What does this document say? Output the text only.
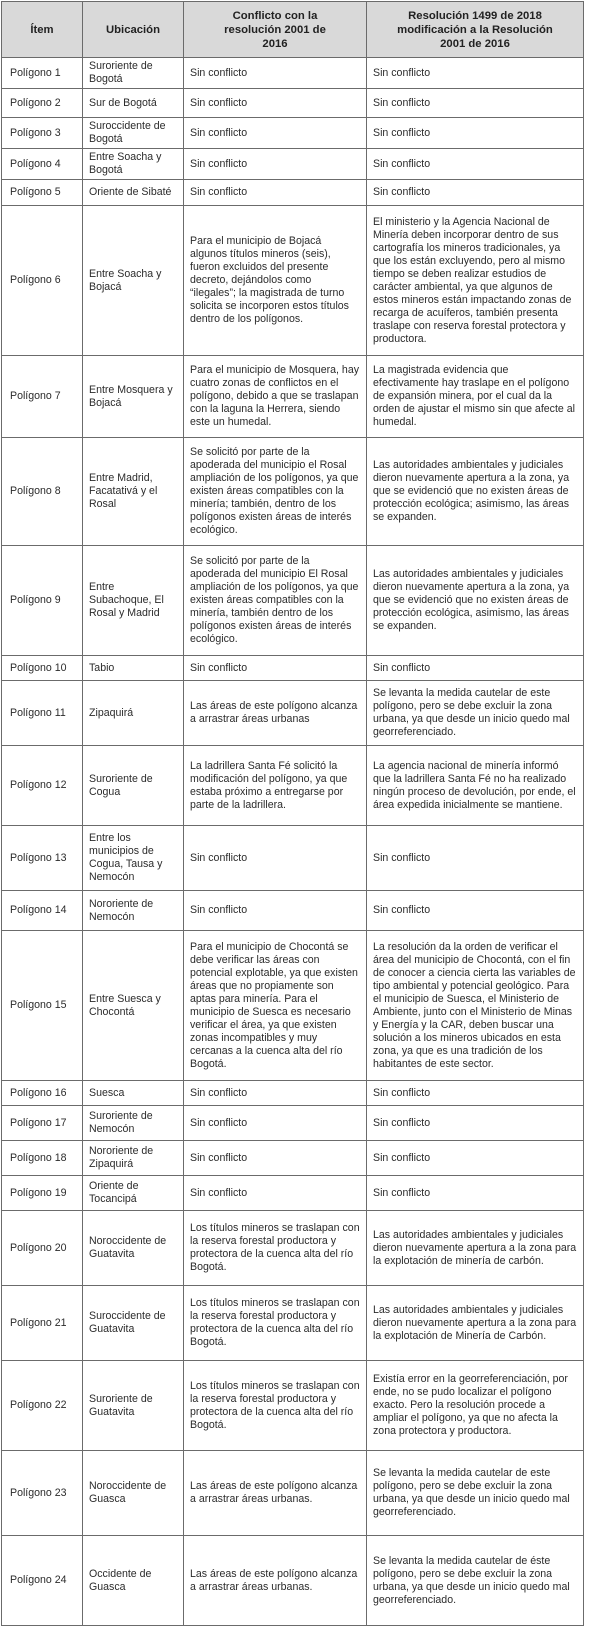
Ítem	Ubicación	Conflicto con la resolución 2001 de 2016	Resolución 1499 de 2018 modificación a la Resolución 2001 de 2016
Polígono 1	Suroriente de Bogotá	Sin conflicto	Sin conflicto
Polígono 2	Sur de Bogotá	Sin conflicto	Sin conflicto
Polígono 3	Suroccidente de Bogotá	Sin conflicto	Sin conflicto
Polígono 4	Entre Soacha y Bogotá	Sin conflicto	Sin conflicto
Polígono 5	Oriente de Sibaté	Sin conflicto	Sin conflicto
Polígono 6	Entre Soacha y Bojacá	Para el municipio de Bojacá algunos títulos mineros (seis), fueron excluidos del presente decreto, dejándolos como “ilegales”; la magistrada de turno solicita se incorporen estos títulos dentro de los polígonos.	El ministerio y la Agencia Nacional de Minería deben incorporar dentro de sus cartografía los mineros tradicionales, ya que los están excluyendo, pero al mismo tiempo se deben realizar estudios de carácter ambiental, ya que algunos de estos mineros están impactando zonas de recarga de acuíferos, también presenta traslape con reserva forestal protectora y productora.
Polígono 7	Entre Mosquera y Bojacá	Para el municipio de Mosquera, hay cuatro zonas de conflictos en el polígono, debido a que se traslapan con la laguna la Herrera, siendo este un humedal.	La magistrada evidencia que efectivamente hay traslape en el polígono de expansión minera, por el cual da la orden de ajustar el mismo sin que afecte al humedal.
Polígono 8	Entre Madrid, Facatativá y el Rosal	Se solicitó por parte de la apoderada del municipio el Rosal ampliación de los polígonos, ya que existen áreas compatibles con la minería; también, dentro de los polígonos existen áreas de interés ecológico.	Las autoridades ambientales y judiciales dieron nuevamente apertura a la zona, ya que se evidenció que no existen áreas de protección ecológica; asimismo, las áreas se expanden.
Polígono 9	Entre Subachoque, El Rosal y Madrid	Se solicitó por parte de la apoderada del municipio El Rosal ampliación de los polígonos, ya que existen áreas compatibles con la minería, también dentro de los polígonos existen áreas de interés ecológico.	Las autoridades ambientales y judiciales dieron nuevamente apertura a la zona, ya que se evidenció que no existen áreas de protección ecológica, asimismo, las áreas se expanden.
Polígono 10	Tabio	Sin conflicto	Sin conflicto
Polígono 11	Zipaquirá	Las áreas de este polígono alcanza a arrastrar áreas urbanas	Se levanta la medida cautelar de este polígono, pero se debe excluir la zona urbana, ya que desde un inicio quedo mal georreferenciado.
Polígono 12	Suroriente de Cogua	La ladrillera Santa Fé solicitó la modificación del polígono, ya que estaba próximo a entregarse por parte de la ladrillera.	La agencia nacional de minería informó que la ladrillera Santa Fé no ha realizado ningún proceso de devolución, por ende, el área expedida inicialmente se mantiene.
Polígono 13	Entre los municipios de Cogua, Tausa y Nemocón	Sin conflicto	Sin conflicto
Polígono 14	Nororiente de Nemocón	Sin conflicto	Sin conflicto
Polígono 15	Entre Suesca y Chocontá	Para el municipio de Chocontá se debe verificar las áreas con potencial explotable, ya que existen áreas que no propiamente son aptas para minería. Para el municipio de Suesca es necesario verificar el área, ya que existen zonas incompatibles y muy cercanas a la cuenca alta del río Bogotá.	La resolución da la orden de verificar el área del municipio de Chocontá, con el fin de conocer a ciencia cierta las variables de tipo ambiental y potencial geológico. Para el municipio de Suesca, el Ministerio de Ambiente, junto con el Ministerio de Minas y Energía y la CAR, deben buscar una solución a los mineros ubicados en esta zona, ya que es una tradición de los habitantes de este sector.
Polígono 16	Suesca	Sin conflicto	Sin conflicto
Polígono 17	Suroriente de Nemocón	Sin conflicto	Sin conflicto
Polígono 18	Nororiente de Zipaquirá	Sin conflicto	Sin conflicto
Polígono 19	Oriente de Tocancipá	Sin conflicto	Sin conflicto
Polígono 20	Noroccidente de Guatavita	Los títulos mineros se traslapan con la reserva forestal productora y protectora de la cuenca alta del río Bogotá.	Las autoridades ambientales y judiciales dieron nuevamente apertura a la zona para la explotación de minería de carbón.
Polígono 21	Suroccidente de Guatavita	Los títulos mineros se traslapan con la reserva forestal productora y protectora de la cuenca alta del río Bogotá.	Las autoridades ambientales y judiciales dieron nuevamente apertura a la zona para la explotación de Minería de Carbón.
Polígono 22	Suroriente de Guatavita	Los títulos mineros se traslapan con la reserva forestal productora y protectora de la cuenca alta del río Bogotá.	Existía error en la georreferenciación, por ende, no se pudo localizar el polígono exacto. Pero la resolución procede a ampliar el polígono, ya que no afecta la zona protectora y productora.
Polígono 23	Noroccidente de Guasca	Las áreas de este polígono alcanza a arrastrar áreas urbanas.	Se levanta la medida cautelar de este polígono, pero se debe excluir la zona urbana, ya que desde un inicio quedo mal georreferenciado.
Polígono 24	Occidente de Guasca	Las áreas de este polígono alcanza a arrastrar áreas urbanas.	Se levanta la medida cautelar de éste polígono, pero se debe excluir la zona urbana, ya que desde un inicio quedo mal georreferenciado.
